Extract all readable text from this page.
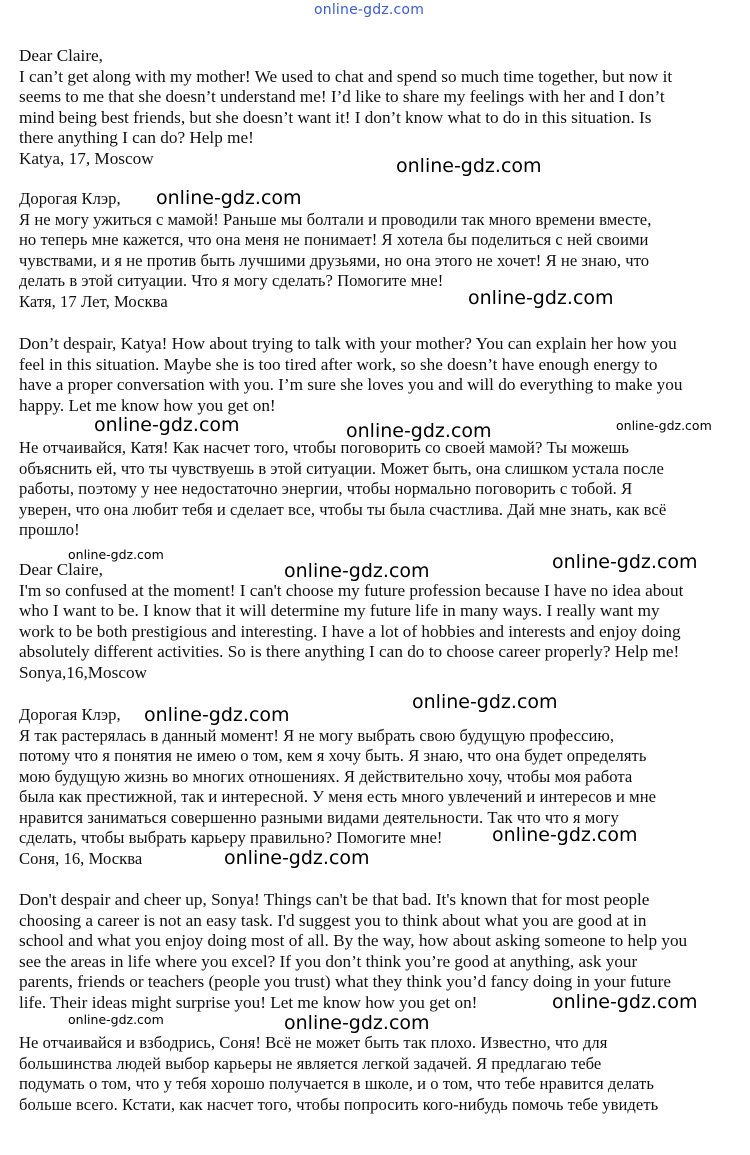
online-gdz.com
Dear Claire,
I can’t get along with my mother! We used to chat and spend so much time together, but now it
seems to me that she doesn’t understand me! I’d like to share my feelings with her and I don’t
mind being best friends, but she doesn’t want it! I don’t know what to do in this situation. Is
there anything I can do? Help me!
Katya, 17, Moscow
Дорогая Клэр,
Я не могу ужиться с мамой! Раньше мы болтали и проводили так много времени вместе,
но теперь мне кажется, что она меня не понимает! Я хотела бы поделиться с ней своими
чувствами, и я не против быть лучшими друзьями, но она этого не хочет! Я не знаю, что
делать в этой ситуации. Что я могу сделать? Помогите мне!
Катя, 17 Лет, Москва
Don’t despair, Katya! How about trying to talk with your mother? You can explain her how you
feel in this situation. Maybe she is too tired after work, so she doesn’t have enough energy to
have a proper conversation with you. I’m sure she loves you and will do everything to make you
happy. Let me know how you get on!
Не отчаивайся, Катя! Как насчет того, чтобы поговорить со своей мамой? Ты можешь
объяснить ей, что ты чувствуешь в этой ситуации. Может быть, она слишком устала после
работы, поэтому у нее недостаточно энергии, чтобы нормально поговорить с тобой. Я
уверен, что она любит тебя и сделает все, чтобы ты была счастлива. Дай мне знать, как всё
прошло!
Dear Claire,
I'm so confused at the moment! I can't choose my future profession because I have no idea about
who I want to be. I know that it will determine my future life in many ways. I really want my
work to be both prestigious and interesting. I have a lot of hobbies and interests and enjoy doing
absolutely different activities. So is there anything I can do to choose career properly? Help me!
Sonya,16,Moscow
Дорогая Клэр,
Я так растерялась в данный момент! Я не могу выбрать свою будущую профессию,
потому что я понятия не имею о том, кем я хочу быть. Я знаю, что она будет определять
мою будущую жизнь во многих отношениях. Я действительно хочу, чтобы моя работа
была как престижной, так и интересной. У меня есть много увлечений и интересов и мне
нравится заниматься совершенно разными видами деятельности. Так что что я могу
сделать, чтобы выбрать карьеру правильно? Помогите мне!
Соня, 16, Москва
Don't despair and cheer up, Sonya! Things can't be that bad. It's known that for most people
choosing a career is not an easy task. I'd suggest you to think about what you are good at in
school and what you enjoy doing most of all. By the way, how about asking someone to help you
see the areas in life where you excel? If you don’t think you’re good at anything, ask your
parents, friends or teachers (people you trust) what they think you’d fancy doing in your future
life. Their ideas might surprise you! Let me know how you get on!
Не отчаивайся и взбодрись, Соня! Всё не может быть так плохо. Известно, что для
большинства людей выбор карьеры не является легкой задачей. Я предлагаю тебе
подумать о том, что у тебя хорошо получается в школе, и о том, что тебе нравится делать
больше всего. Кстати, как насчет того, чтобы попросить кого-нибудь помочь тебе увидеть
online-gdz.com
online-gdz.com
online-gdz.com
online-gdz.com	online-gdz.com	online-gdz.com
online-gdz.com	online-gdz.com
online-gdz.com
online-gdz.com
online-gdz.com
online-gdz.com
online-gdz.com
online-gdz.com
online-gdz.com	online-gdz.com
